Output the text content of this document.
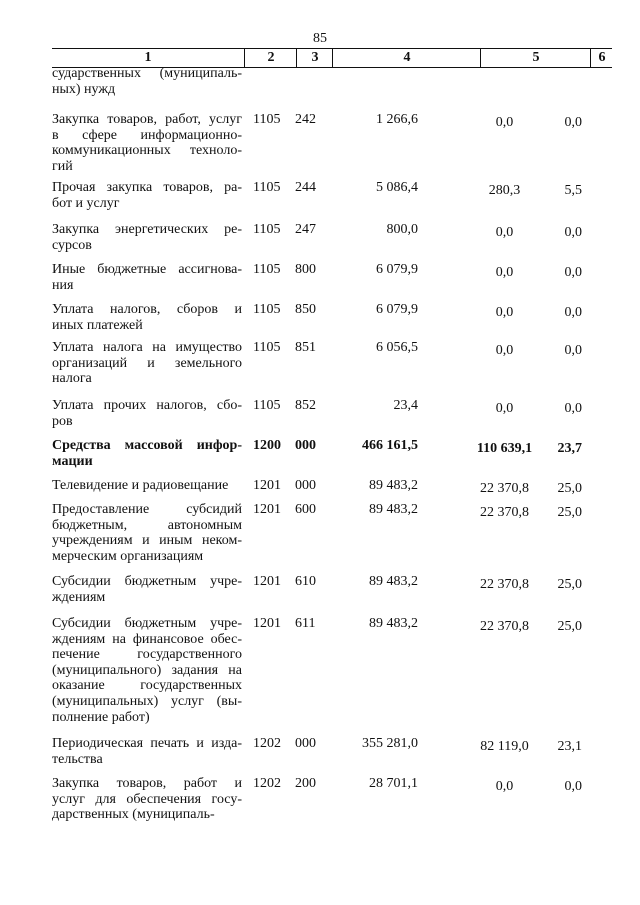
85
1	2	3	4	5	6
сударственных (муниципаль-
ных) нужд
Закупка товаров, работ, услуг
в сфере информационно-
коммуникационных техноло-
гий
1105	242	1 266,6	0,0	0,0
Прочая закупка товаров, ра-
бот и услуг
1105	244	5 086,4	280,3	5,5
Закупка энергетических ре-
сурсов
1105	247	800,0	0,0	0,0
Иные бюджетные ассигнова-
ния
1105	800	6 079,9	0,0	0,0
Уплата налогов, сборов и
иных платежей
1105	850	6 079,9	0,0	0,0
Уплата налога на имущество
организаций и земельного
налога
1105	851	6 056,5	0,0	0,0
Уплата прочих налогов, сбо-
ров
1105	852	23,4	0,0	0,0
Средства массовой инфор-
мации
1200	000	466 161,5	110 639,1	23,7
Телевидение и радиовещание	1201	000	89 483,2	22 370,8	25,0
Предоставление субсидий
бюджетным, автономным
учреждениям и иным неком-
мерческим организациям
1201	600	89 483,2	22 370,8	25,0
Субсидии бюджетным учре-
ждениям
1201	610	89 483,2	22 370,8	25,0
Субсидии бюджетным учре-
ждениям на финансовое обес-
печение государственного
(муниципального) задания на
оказание государственных
(муниципальных) услуг (вы-
полнение работ)
1201	611	89 483,2	22 370,8	25,0
Периодическая печать и изда-
тельства
1202	000	355 281,0	82 119,0	23,1
Закупка товаров, работ и
услуг для обеспечения госу-
дарственных (муниципаль-
1202	200	28 701,1	0,0	0,0
